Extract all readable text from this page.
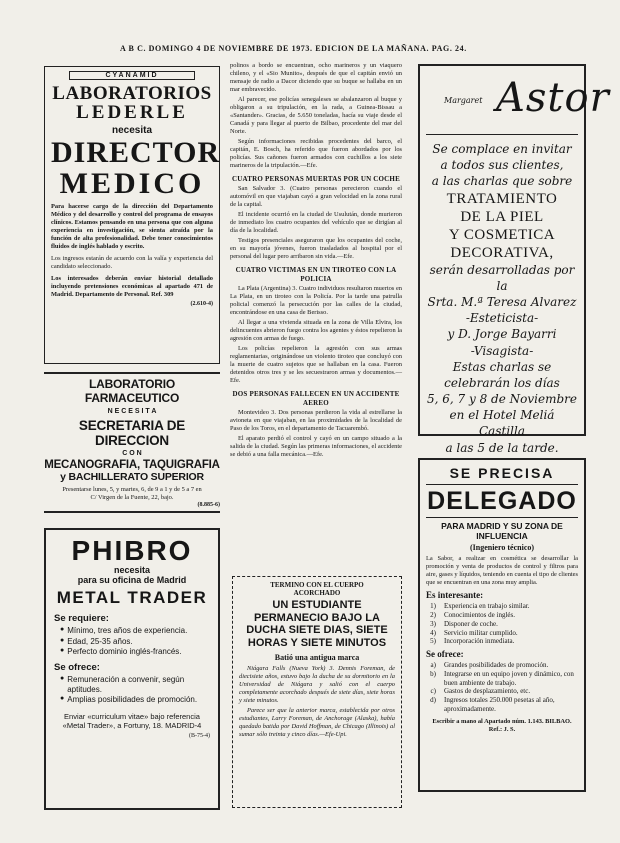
A B C. DOMINGO 4 DE NOVIEMBRE DE 1973. EDICION DE LA MAÑANA. PAG. 24.
CYANAMID
LABORATORIOS
LEDERLE
necesita
DIRECTOR
MEDICO
Para hacerse cargo de la dirección del Departamento Médico y del desarrollo y control del programa de ensayos clínicos. Estamos pensando en una persona que con alguna experiencia en investigación, se sienta atraída por la función de alta profesionalidad. Debe tener conocimientos fluidos de inglés hablado y escrito.
Los ingresos estarán de acuerdo con la valía y experiencia del candidato seleccionado.
Los interesados deberán enviar historial detallado incluyendo pretensiones económicas al apartado 471 de Madrid. Departamento de Personal. Ref. 309
(2.610-4)
LABORATORIO FARMACEUTICO
N E C E S I T A
SECRETARIA DE DIRECCION
C O N
MECANOGRAFIA, TAQUIGRAFIA
y BACHILLERATO SUPERIOR
Presentarse lunes, 5, y martes, 6, de 9 a 1 y de 5 a 7 en
C/ Virgen de la Fuente, 22, bajo.
(8.885-6)
PHIBRO
necesita
para su oficina de Madrid
METAL TRADER
Se requiere:
● Mínimo, tres años de experiencia.
● Edad, 25-35 años.
● Perfecto dominio inglés-francés.
Se ofrece:
● Remuneración a convenir, según aptitudes.
● Amplias posibilidades de promoción.
Enviar «curriculum vitae» bajo referencia «Metal Trader», a Fortuny, 18. MADRID-4
(B-75-4)

polinos a bordo se encuentran, ocho marineros y un viaquero chileno, y el «Sio Munito», después de que el capitán envió un mensaje de radio a Dacor diciendo que su buque se hallaba en un mar embravecido.

Al parecer, ese policías senegaleses se abalanzaron al buque y obligaron a su tripulación, en la rada, a Guinea-Bissau a «Santander». Gracias, de 5.650 toneladas, hacía su viaje desde el Canadá y para llegar al puerto de Bilbao, procedente del mar del Norte.

Según informaciones recibidas procedentes del barco, el capitán, E. Bosch, ha referido que fueron abordados por los policías. Sus cañones fueron armados con cuchillos a los siete marineros de la tripulación.—Efe.

CUATRO PERSONAS MUERTAS POR UN COCHE

San Salvador 3. (Cuatro personas perecieron cuando el automóvil en que viajaban cayó a gran velocidad en la zona rural de la capital.

El incidente ocurrió en la ciudad de Usulután, donde murieron de inmediato los cuatro ocupantes del vehículo que se dirigían al día de la localidad.

Testigos presenciales aseguraron que los ocupantes del coche, en su mayoría jóvenes, fueron trasladados al hospital por el personal del lugar pero arribaron sin vida.—Efe.

CUATRO VICTIMAS EN UN TIROTEO CON LA POLICIA

La Plata (Argentina) 3. Cuatro individuos resultaron muertos en La Plata, en un tiroteo con la Policía. Por la tarde una patrulla policial comenzó la persecución por las calles de la ciudad, encontrándose en una casa de Berisso.

Al llegar a una vivienda situada en la zona de Villa Elvira, los delincuentes abrieron fuego contra los agentes y éstos repelieron la agresión con armas de fuego.

Los policías repelieron la agresión con sus armas reglamentarias, originándose un violento tiroteo que concluyó con la muerte de cuatro sujetos que se hallaban en la casa. Fueron detenidos otros tres y se les secuestraron armas y documentos.—Efe.

DOS PERSONAS FALLECEN EN UN ACCIDENTE AEREO

Montevideo 3. Dos personas perdieron la vida al estrellarse la avioneta en que viajaban, en las proximidades de la localidad de Paso de los Toros, en el departamento de Tacuarembó.

El aparato perdió el control y cayó en un campo situado a la salida de la ciudad. Según las primeras informaciones, el accidente se debió a una falla mecánica.—Efe.

TERMINO CON EL CUERPO
ACORCHADO
UN ESTUDIANTE PERMANECIO BAJO LA DUCHA SIETE DIAS, SIETE HORAS Y SIETE MINUTOS
Batió una antigua marca

Niágara Falls (Nueva York) 3. Dennis Foreman, de diecisiete años, estuvo bajo la ducha de su dormitorio en la Universidad de Niágara y salió con el cuerpo completamente acorchado después de siete días, siete horas y siete minutos.

Parece ser que la anterior marca, establecida por otros estudiantes, Larry Foreman, de Anchorage (Alaska), había quedado batida por David Hoffman, de Chicago (Illinois) al sumar sólo treinta y cinco días.—Efe-Upi.

Margaret Astor
Se complace en invitar
a todos sus clientes,
a las charlas que sobre
TRATAMIENTO
DE LA PIEL
Y COSMETICA
DECORATIVA,
serán desarrolladas por la
Srta. M.ª Teresa Alvarez
-Esteticista-
y D. Jorge Bayarri
-Visagista-
Estas charlas se
celebrarán los días
5, 6, 7 y 8 de Noviembre
en el Hotel Meliá Castilla
a las 5 de la tarde.
SE PRECISA
DELEGADO
PARA MADRID Y SU ZONA DE
INFLUENCIA
(Ingeniero técnico)
La Sabor, a realizar en cosmética se desarrollar la promoción y venta de productos de control y filtros para aire, gases y líquidos, teniendo en cuenta el tipo de clientes que se encuentran en una zona muy amplia.
Es interesante:
1) Experiencia en trabajo similar.
2) Conocimientos de inglés.
3) Disponer de coche.
4) Servicio militar cumplido.
5) Incorporación inmediata.
Se ofrece:
a) Grandes posibilidades de promoción.
b) Integrarse en un equipo joven y dinámico, con buen ambiente de trabajo.
c) Gastos de desplazamiento, etc.
d) Ingresos totales 250.000 pesetas al año, aproximadamente.
Escribir a mano al Apartado núm. 1.143. BILBAO. Ref.: J. S.
